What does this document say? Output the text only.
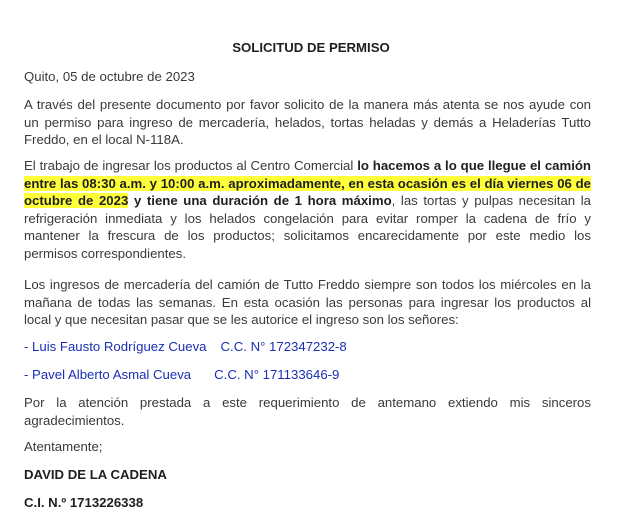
SOLICITUD DE PERMISO

Quito, 05 de octubre de 2023

A través del presente documento por favor solicito de la manera más atenta se nos ayude con un permiso para ingreso de mercadería, helados, tortas heladas y demás a Heladerías Tutto Freddo, en el local N-118A.

El trabajo de ingresar los productos al Centro Comercial lo hacemos a lo que llegue el camión entre las 08:30 a.m. y 10:00 a.m. aproximadamente, en esta ocasión es el día viernes 06 de octubre de 2023 y tiene una duración de 1 hora máximo, las tortas y pulpas necesitan la refrigeración inmediata y los helados congelación para evitar romper la cadena de frío y mantener la frescura de los productos; solicitamos encarecidamente por este medio los permisos correspondientes.

Los ingresos de mercadería del camión de Tutto Freddo siempre son todos los miércoles en la mañana de todas las semanas. En esta ocasión las personas para ingresar los productos al local y que necesitan pasar que se les autorice el ingreso son los señores:

- Luis Fausto Rodríguez Cueva C.C. N° 172347232-8

- Pavel Alberto Asmal Cueva C.C. N° 171133646-9

Por la atención prestada a este requerimiento de antemano extiendo mis sinceros agradecimientos.

Atentamente;

DAVID DE LA CADENA

C.I. N.º 1713226338
